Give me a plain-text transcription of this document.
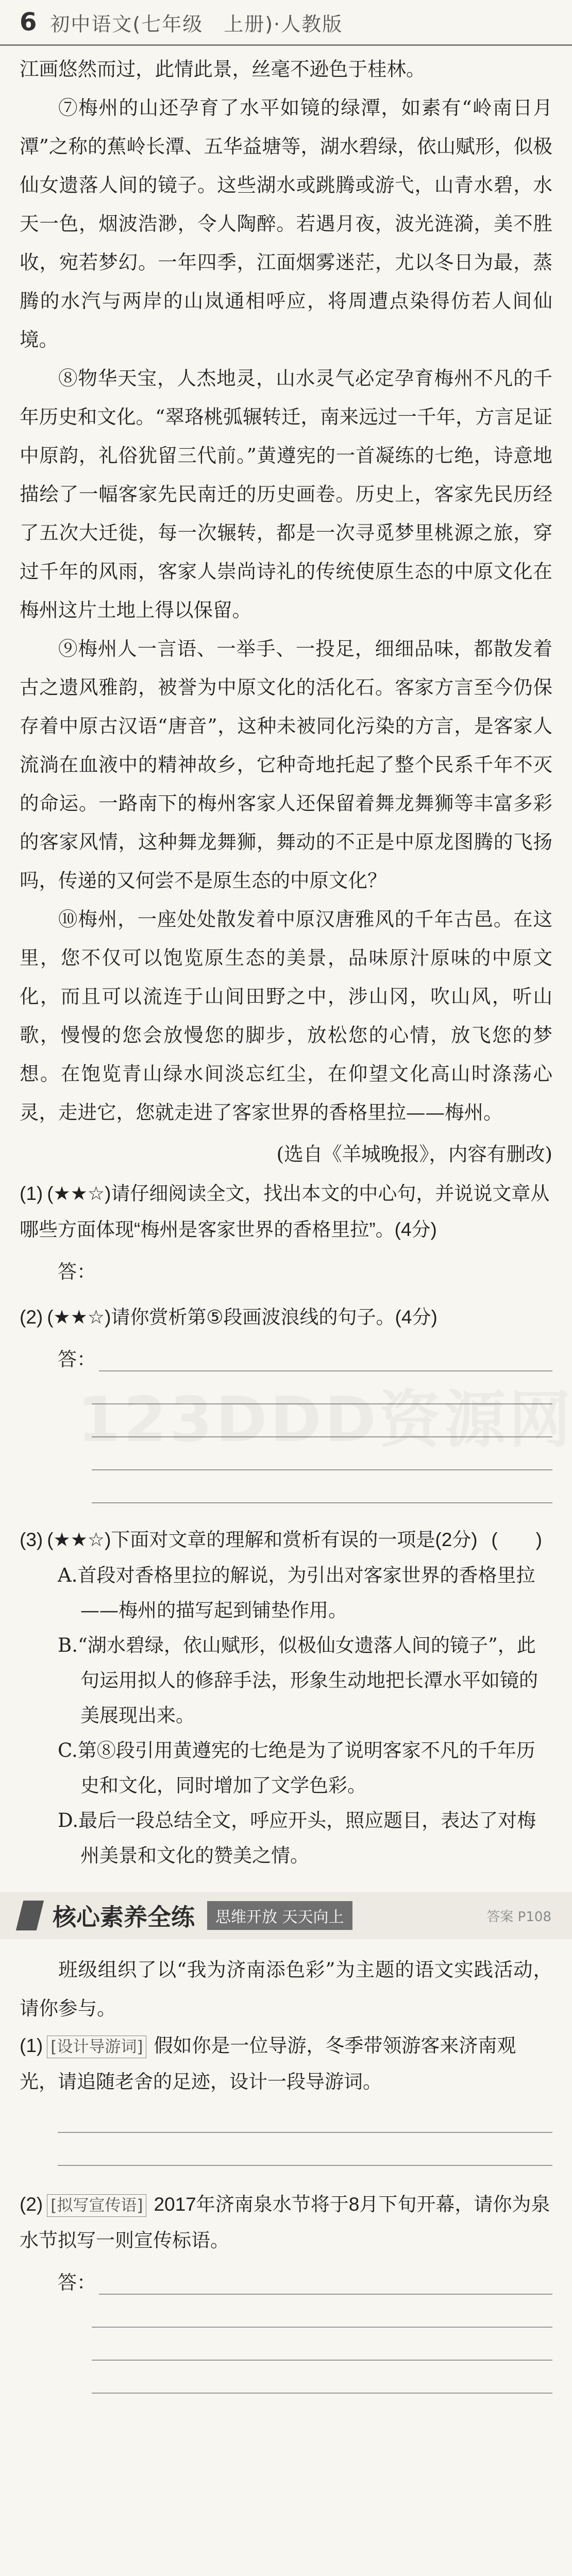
6 初中语文(七年级　上册)·人教版

江画悠然而过，此情此景，丝毫不逊色于桂林。

⑦梅州的山还孕育了水平如镜的绿潭，如素有“岭南日月潭”之称的蕉岭长潭、五华益塘等，湖水碧绿，依山赋形，似极仙女遗落人间的镜子。这些湖水或跳腾或游弋，山青水碧，水天一色，烟波浩渺，令人陶醉。若遇月夜，波光涟漪，美不胜收，宛若梦幻。一年四季，江面烟雾迷茫，尤以冬日为最，蒸腾的水汽与两岸的山岚通相呼应，将周遭点染得仿若人间仙境。

⑧物华天宝，人杰地灵，山水灵气必定孕育梅州不凡的千年历史和文化。“翠珞桃弧辗转迁，南来远过一千年，方言足证中原韵，礼俗犹留三代前。”黄遵宪的一首凝练的七绝，诗意地描绘了一幅客家先民南迁的历史画卷。历史上，客家先民历经了五次大迁徙，每一次辗转，都是一次寻觅梦里桃源之旅，穿过千年的风雨，客家人崇尚诗礼的传统使原生态的中原文化在梅州这片土地上得以保留。

⑨梅州人一言语、一举手、一投足，细细品味，都散发着古之遗风雅韵，被誉为中原文化的活化石。客家方言至今仍保存着中原古汉语“唐音”，这种未被同化污染的方言，是客家人流淌在血液中的精神故乡，它种奇地托起了整个民系千年不灭的命运。一路南下的梅州客家人还保留着舞龙舞狮等丰富多彩的客家风情，这种舞龙舞狮，舞动的不正是中原龙图腾的飞扬吗，传递的又何尝不是原生态的中原文化？

⑩梅州，一座处处散发着中原汉唐雅风的千年古邑。在这里，您不仅可以饱览原生态的美景，品味原汁原味的中原文化，而且可以流连于山间田野之中，涉山冈，吹山风，听山歌，慢慢的您会放慢您的脚步，放松您的心情，放飞您的梦想。在饱览青山绿水间淡忘红尘，在仰望文化高山时涤荡心灵，走进它，您就走进了客家世界的香格里拉——梅州。

(选自《羊城晚报》，内容有删改)

(1) (★★☆)请仔细阅读全文，找出本文的中心句，并说说文章从哪些方面体现“梅州是客家世界的香格里拉”。(4分)

答：

(2) (★★☆)请你赏析第⑤段画波浪线的句子。(4分)

答：

(3) (★★☆)下面对文章的理解和赏析有误的一项是(2分) (　　)

A.首段对香格里拉的解说，为引出对客家世界的香格里拉——梅州的描写起到铺垫作用。

B.“湖水碧绿，依山赋形，似极仙女遗落人间的镜子”，此句运用拟人的修辞手法，形象生动地把长潭水平如镜的美展现出来。

C.第⑧段引用黄遵宪的七绝是为了说明客家不凡的千年历史和文化，同时增加了文学色彩。

D.最后一段总结全文，呼应开头，照应题目，表达了对梅州美景和文化的赞美之情。

核心素养全练	思维开放 天天向上	答案 P108

班级组织了以“我为济南添色彩”为主题的语文实践活动，请你参与。

(1) [设计导游词] 假如你是一位导游，冬季带领游客来济南观光，请追随老舍的足迹，设计一段导游词。

(2) [拟写宣传语] 2017年济南泉水节将于8月下旬开幕，请你为泉水节拟写一则宣传标语。

答：
